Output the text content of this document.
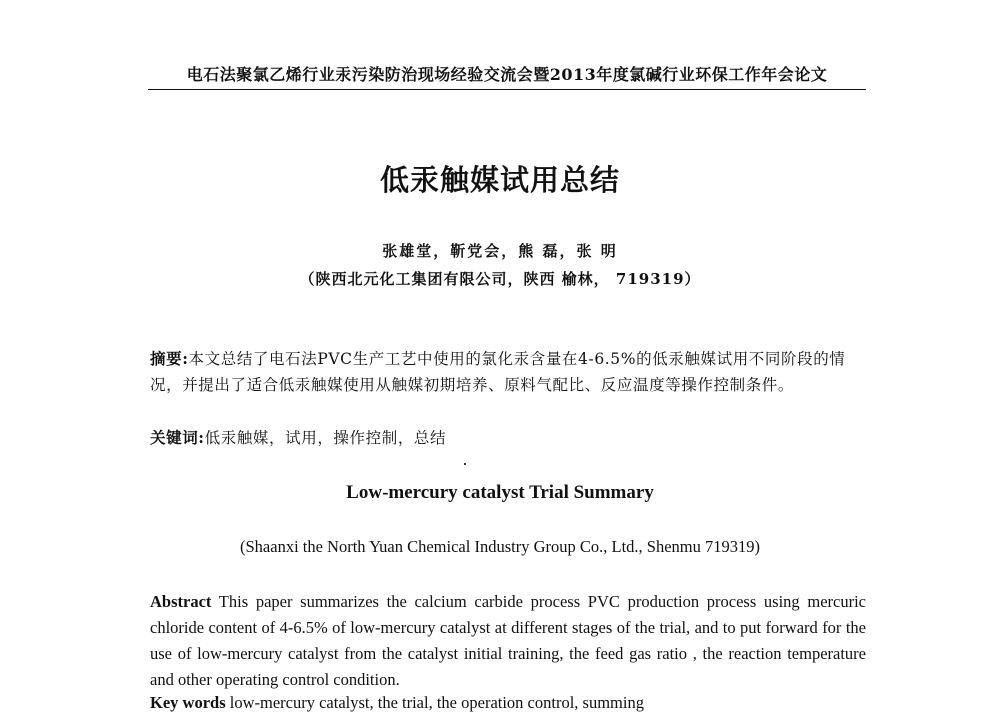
电石法聚氯乙烯行业汞污染防治现场经验交流会暨2013年度氯碱行业环保工作年会论文
低汞触媒试用总结
张雄堂，靳党会，熊 磊，张 明
（陕西北元化工集团有限公司，陕西 榆林， 719319）
摘要:本文总结了电石法PVC生产工艺中使用的氯化汞含量在4-6.5%的低汞触媒试用不同阶段的情况，并提出了适合低汞触媒使用从触媒初期培养、原料气配比、反应温度等操作控制条件。
关键词:低汞触媒，试用，操作控制，总结
Low-mercury catalyst Trial Summary
(Shaanxi the North Yuan Chemical Industry Group Co., Ltd., Shenmu 719319)
Abstract This paper summarizes the calcium carbide process PVC production process using mercuric chloride content of 4-6.5% of low-mercury catalyst at different stages of the trial, and to put forward for the use of low-mercury catalyst from the catalyst initial training, the feed gas ratio , the reaction temperature and other operating control condition.
Key words low-mercury catalyst, the trial, the operation control, summing
